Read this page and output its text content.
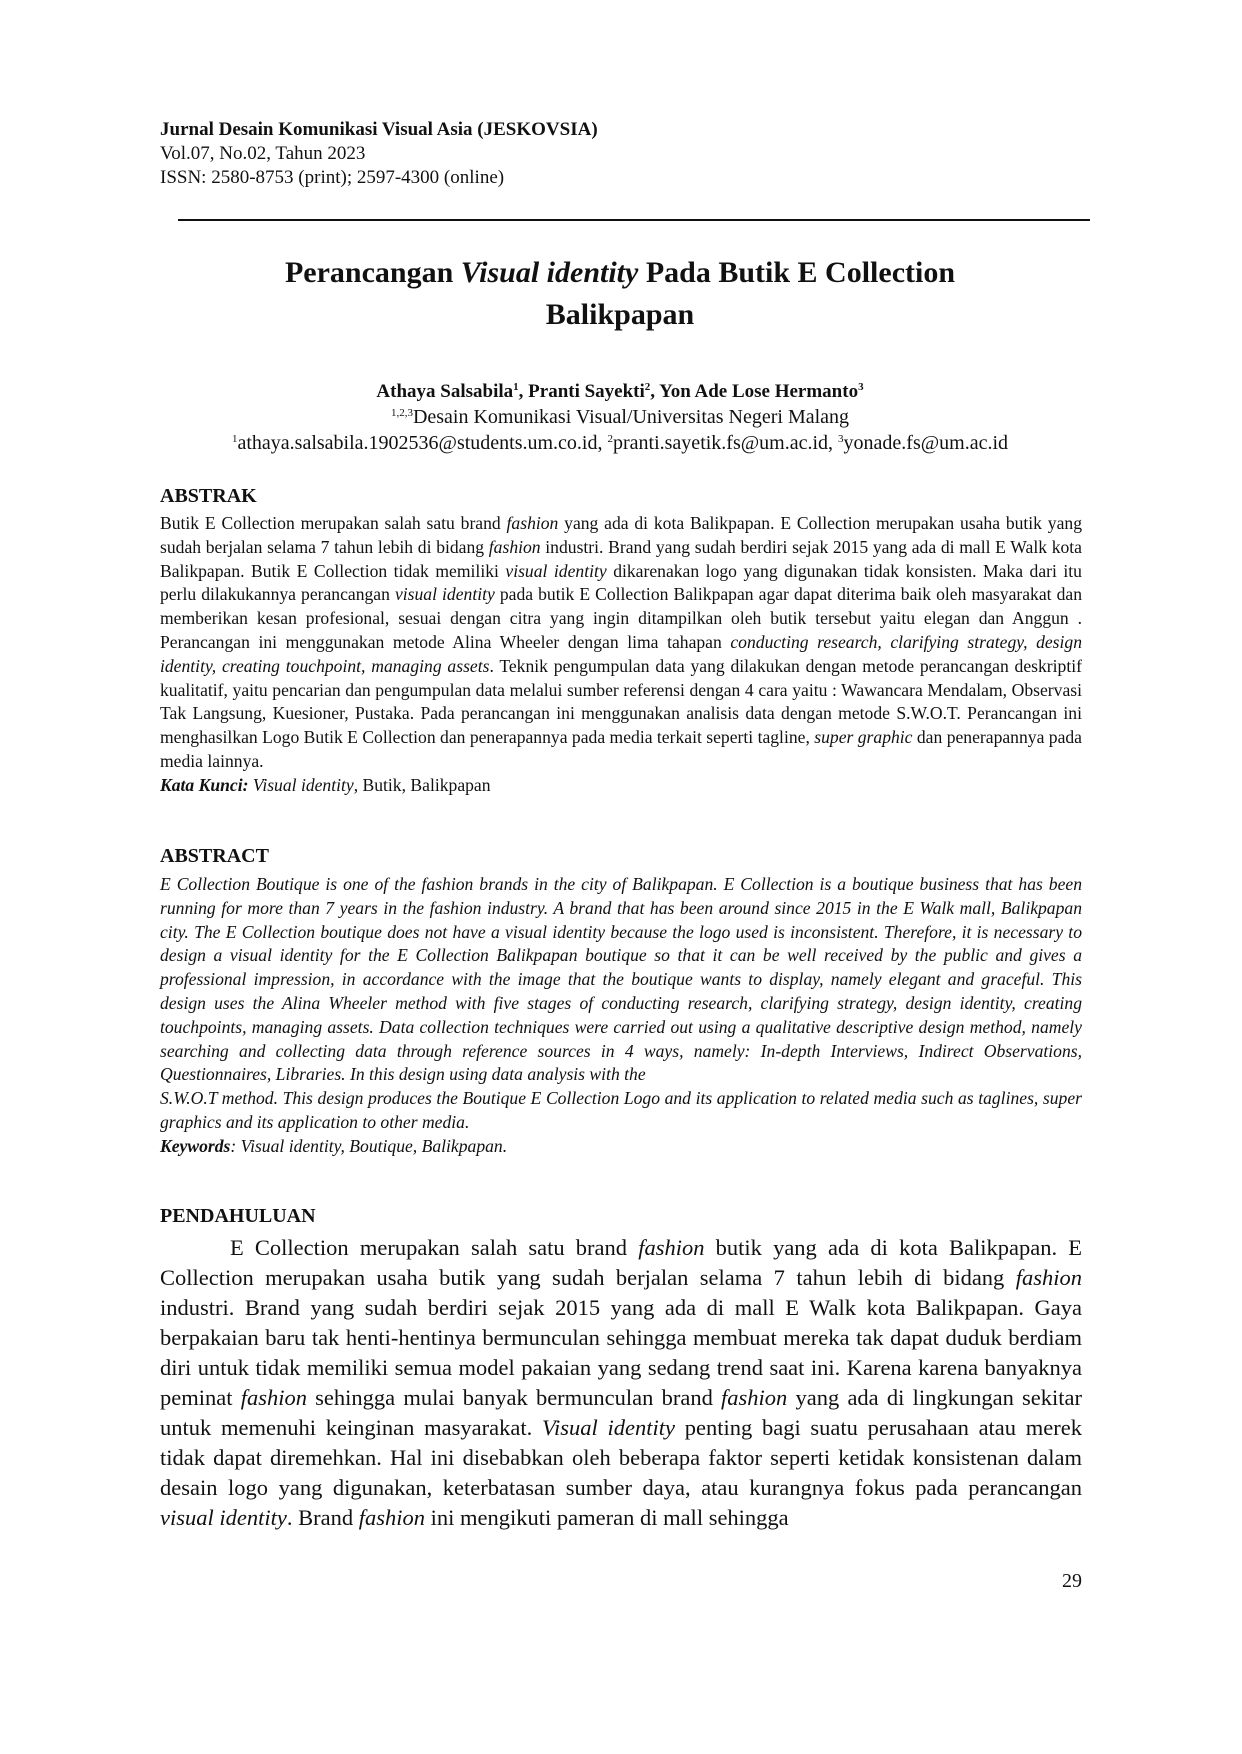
Jurnal Desain Komunikasi Visual Asia (JESKOVSIA)
Vol.07, No.02, Tahun 2023
ISSN: 2580-8753 (print); 2597-4300 (online)
Perancangan Visual identity Pada Butik E Collection
Balikpapan
Athaya Salsabila$^1$, Pranti Sayekti$^2$, Yon Ade Lose Hermanto$^3$
$^{1,2,3}$Desain Komunikasi Visual/Universitas Negeri Malang
$^1$athaya.salsabila.1902536@students.um.co.id, $^2$pranti.sayetik.fs@um.ac.id, $^3$yonade.fs@um.ac.id
ABSTRAK
Butik E Collection merupakan salah satu brand fashion yang ada di kota Balikpapan. E Collection merupakan usaha butik yang sudah berjalan selama 7 tahun lebih di bidang fashion industri. Brand yang sudah berdiri sejak 2015 yang ada di mall E Walk kota Balikpapan. Butik E Collection tidak memiliki visual identity dikarenakan logo yang digunakan tidak konsisten. Maka dari itu perlu dilakukannya perancangan visual identity pada butik E Collection Balikpapan agar dapat diterima baik oleh masyarakat dan memberikan kesan profesional, sesuai dengan citra yang ingin ditampilkan oleh butik tersebut yaitu elegan dan Anggun . Perancangan ini menggunakan metode Alina Wheeler dengan lima tahapan conducting research, clarifying strategy, design identity, creating touchpoint, managing assets. Teknik pengumpulan data yang dilakukan dengan metode perancangan deskriptif kualitatif, yaitu pencarian dan pengumpulan data melalui sumber referensi dengan 4 cara yaitu : Wawancara Mendalam, Observasi Tak Langsung, Kuesioner, Pustaka. Pada perancangan ini menggunakan analisis data dengan metode S.W.O.T. Perancangan ini menghasilkan Logo Butik E Collection dan penerapannya pada media terkait seperti tagline, super graphic dan penerapannya pada media lainnya.
Kata Kunci: Visual identity, Butik, Balikpapan
ABSTRACT
E Collection Boutique is one of the fashion brands in the city of Balikpapan. E Collection is a boutique business that has been running for more than 7 years in the fashion industry. A brand that has been around since 2015 in the E Walk mall, Balikpapan city. The E Collection boutique does not have a visual identity because the logo used is inconsistent. Therefore, it is necessary to design a visual identity for the E Collection Balikpapan boutique so that it can be well received by the public and gives a professional impression, in accordance with the image that the boutique wants to display, namely elegant and graceful. This design uses the Alina Wheeler method with five stages of conducting research, clarifying strategy, design identity, creating touchpoints, managing assets. Data collection techniques were carried out using a qualitative descriptive design method, namely searching and collecting data through reference sources in 4 ways, namely: In-depth Interviews, Indirect Observations, Questionnaires, Libraries. In this design using data analysis with the
S.W.O.T method. This design produces the Boutique E Collection Logo and its application to related media such as taglines, super graphics and its application to other media.
Keywords: Visual identity, Boutique, Balikpapan.
PENDAHULUAN
E Collection merupakan salah satu brand fashion butik yang ada di kota Balikpapan. E Collection merupakan usaha butik yang sudah berjalan selama 7 tahun lebih di bidang fashion industri. Brand yang sudah berdiri sejak 2015 yang ada di mall E Walk kota Balikpapan. Gaya berpakaian baru tak henti-hentinya bermunculan sehingga membuat mereka tak dapat duduk berdiam diri untuk tidak memiliki semua model pakaian yang sedang trend saat ini. Karena karena banyaknya peminat fashion sehingga mulai banyak bermunculan brand fashion yang ada di lingkungan sekitar untuk memenuhi keinginan masyarakat. Visual identity penting bagi suatu perusahaan atau merek tidak dapat diremehkan. Hal ini disebabkan oleh beberapa faktor seperti ketidak konsistenan dalam desain logo yang digunakan, keterbatasan sumber daya, atau kurangnya fokus pada perancangan visual identity. Brand fashion ini mengikuti pameran di mall sehingga
29
